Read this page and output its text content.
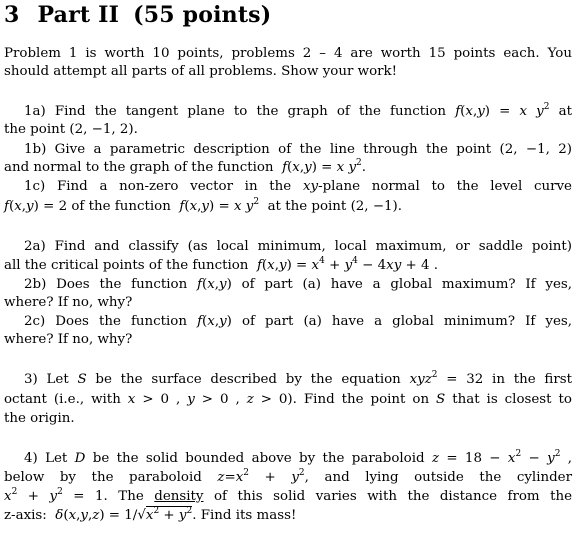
3 Part II (55 points)
Problem 1 is worth 10 points, problems 2 – 4 are worth 15 points each. You
should attempt all parts of all problems. Show your work!
1a) Find the tangent plane to the graph of the function f(x,y) = x $y^2$ at
the point (2, −1, 2).
1b) Give a parametric description of the line through the point (2, −1, 2)
and normal to the graph of the function f(x,y) = x $y^2$.
1c) Find a non-zero vector in the xy-plane normal to the level curve
f(x,y) = 2 of the function  f(x,y) = x $y^2$ at the point (2, −1).
2a) Find and classify (as local minimum, local maximum, or saddle point)
all the critical points of the function $f(x,y) = x^4 + y^4 - 4xy + 4$ .
2b) Does the function f(x,y) of part (a) have a global maximum? If yes,
where? If no, why?
2c) Does the function f(x,y) of part (a) have a global minimum? If yes,
where? If no, why?
3) Let S be the surface described by the equation xyz$^2$ = 32 in the first
octant (i.e., with x > 0 , y > 0 , z > 0). Find the point on S that is closest to
the origin.
4) Let D be the solid bounded above by the paraboloid $z = 18 - x^2 - y^2$ ,
below by the paraboloid $z=x^2 + y^2$, and lying outside the cylinder
$x^2 + y^2 = 1$. The density of this solid varies with the distance from the
z-axis: $\delta(x,y,z) = 1/√x^2 + y^2$. Find its mass!
